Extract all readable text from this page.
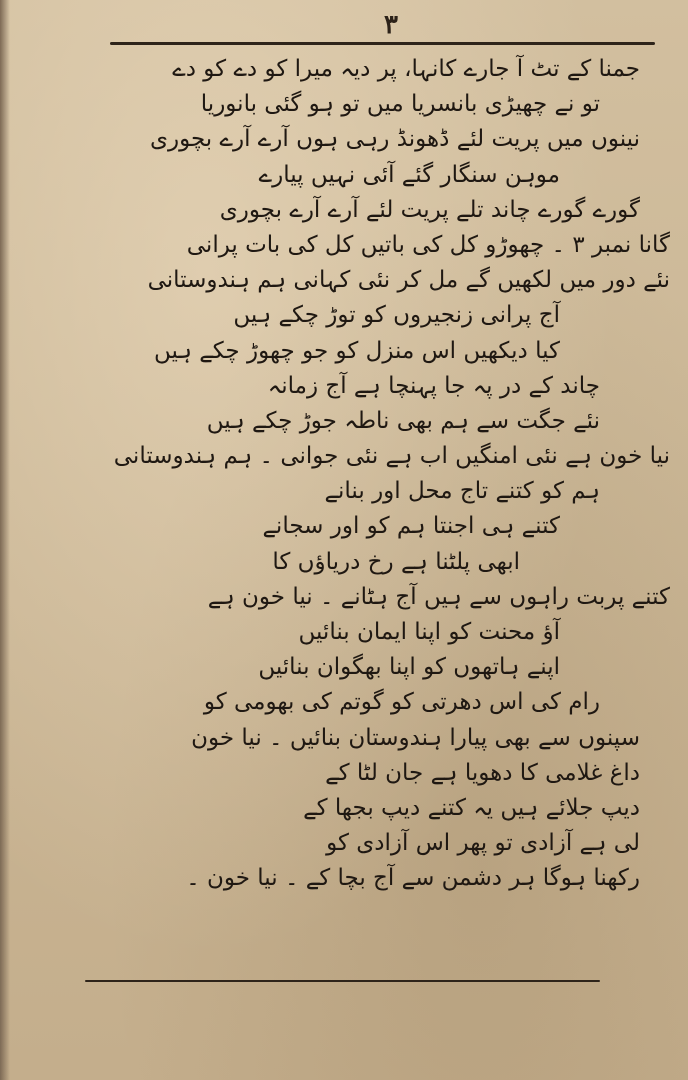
۳
جمنا کے تٹ آ جارے کانہا، پر دیہ میرا کو دے کو دے
تو نے چھیڑی بانسریا میں تو ہو گئی بانوریا
نینوں میں پریت لئے ڈھونڈ رہی ہوں آرے آرے بچوری
موہن سنگار گئے آئی نہیں پیارے
گورے گورے چاند تلے پریت لئے آرے آرے بچوری
گانا نمبر ۳ ۔ چھوڑو کل کی باتیں کل کی بات پرانی
نئے دور میں لکھیں گے مل کر نئی کہانی ہم ہندوستانی
آج پرانی زنجیروں کو توڑ چکے ہیں
کیا دیکھیں اس منزل کو جو چھوڑ چکے ہیں
چاند کے در پہ جا پہنچا ہے آج زمانہ
نئے جگت سے ہم بھی ناطہ جوڑ چکے ہیں
نیا خون ہے نئی امنگیں اب ہے نئی جوانی ۔ ہم ہندوستانی
ہم کو کتنے تاج محل اور بنانے
کتنے ہی اجنتا ہم کو اور سجانے
ابھی پلٹنا ہے رخ دریاؤں کا
کتنے پربت راہوں سے ہیں آج ہٹانے ۔ نیا خون ہے
آؤ محنت کو اپنا ایمان بنائیں
اپنے ہاتھوں کو اپنا بھگوان بنائیں
رام کی اس دھرتی کو گوتم کی بھومی کو
سپنوں سے بھی پیارا ہندوستان بنائیں ۔ نیا خون
داغ غلامی کا دھویا ہے جان لٹا کے
دیپ جلائے ہیں یہ کتنے دیپ بجھا کے
لی ہے آزادی تو پھر اس آزادی کو
رکھنا ہوگا ہر دشمن سے آج بچا کے ۔ نیا خون ۔
